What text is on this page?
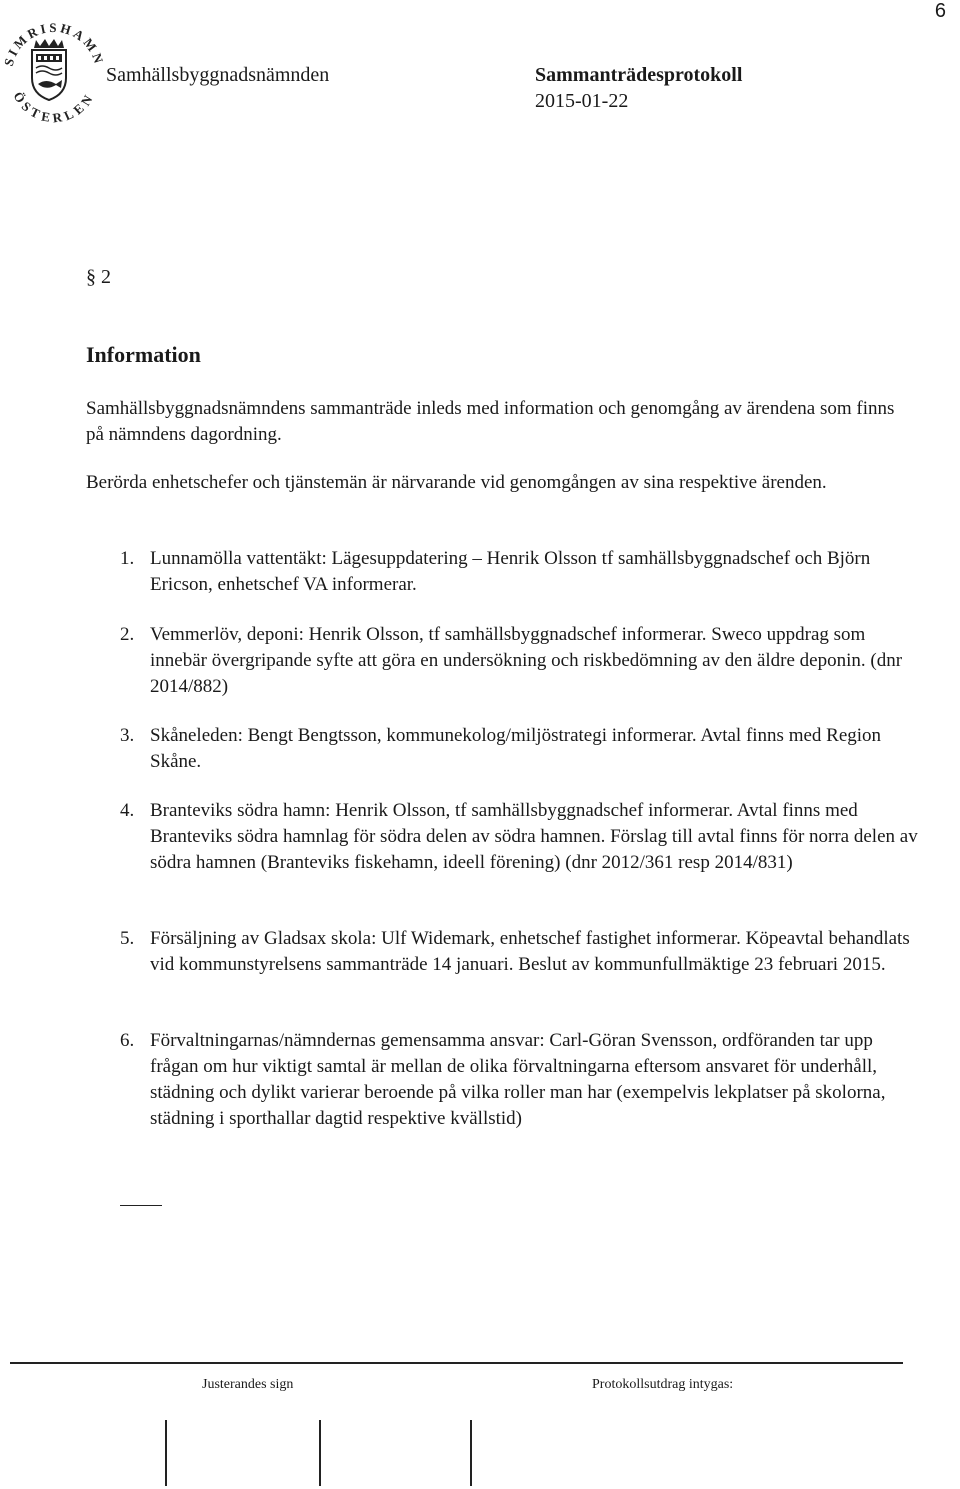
6
SIMRISHAMN
ÖSTERLEN
Samhällsbyggnadsnämnden	Sammanträdesprotokoll
2015-01-22
§ 2
Information
Samhällsbyggnadsnämndens sammanträde inleds med information och genomgång av ärendena som finns på nämndens dagordning.
Berörda enhetschefer och tjänstemän är närvarande vid genomgången av sina respektive ärenden.
1. Lunnamölla vattentäkt: Lägesuppdatering – Henrik Olsson tf samhällsbyggnadschef och Björn Ericson, enhetschef VA informerar.
2. Vemmerlöv, deponi: Henrik Olsson, tf samhällsbyggnadschef informerar. Sweco uppdrag som innebär övergripande syfte att göra en undersökning och riskbedömning av den äldre deponin. (dnr 2014/882)
3. Skåneleden: Bengt Bengtsson, kommunekolog/miljöstrategi informerar. Avtal finns med Region Skåne.
4. Branteviks södra hamn: Henrik Olsson, tf samhällsbyggnadschef informerar. Avtal finns med Branteviks södra hamnlag för södra delen av södra hamnen. Förslag till avtal finns för norra delen av södra hamnen (Branteviks fiskehamn, ideell förening) (dnr 2012/361 resp 2014/831)
5. Försäljning av Gladsax skola: Ulf Widemark, enhetschef fastighet informerar. Köpeavtal behandlats vid kommunstyrelsens sammanträde 14 januari. Beslut av kommunfullmäktige 23 februari 2015.
6. Förvaltningarnas/nämndernas gemensamma ansvar: Carl-Göran Svensson, ordföranden tar upp frågan om hur viktigt samtal är mellan de olika förvaltningarna eftersom ansvaret för underhåll, städning och dylikt varierar beroende på vilka roller man har (exempelvis lekplatser på skolorna, städning i sporthallar dagtid respektive kvällstid)
Justerandes sign	Protokollsutdrag intygas:
